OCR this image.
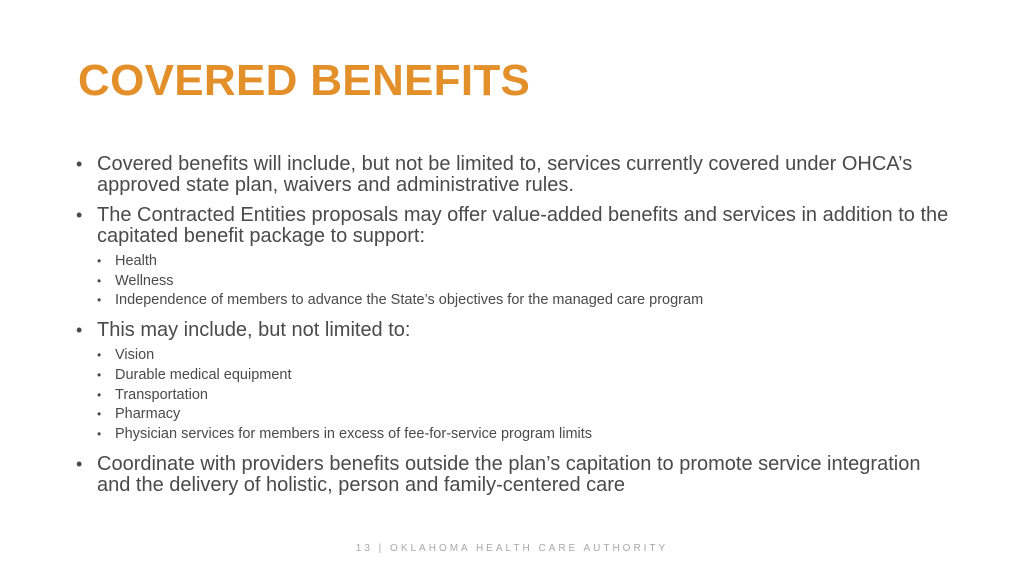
COVERED BENEFITS
• Covered benefits will include, but not be limited to, services currently covered under OHCA’s approved state plan, waivers and administrative rules.
• The Contracted Entities proposals may offer value-added benefits and services in addition to the capitated benefit package to support:
• Health
• Wellness
• Independence of members to advance the State’s objectives for the managed care program
• This may include, but not limited to:
• Vision
• Durable medical equipment
• Transportation
• Pharmacy
• Physician services for members in excess of fee-for-service program limits
• Coordinate with providers benefits outside the plan’s capitation to promote service integration and the delivery of holistic, person and family-centered care
13 | OKLAHOMA HEALTH CARE AUTHORITY
